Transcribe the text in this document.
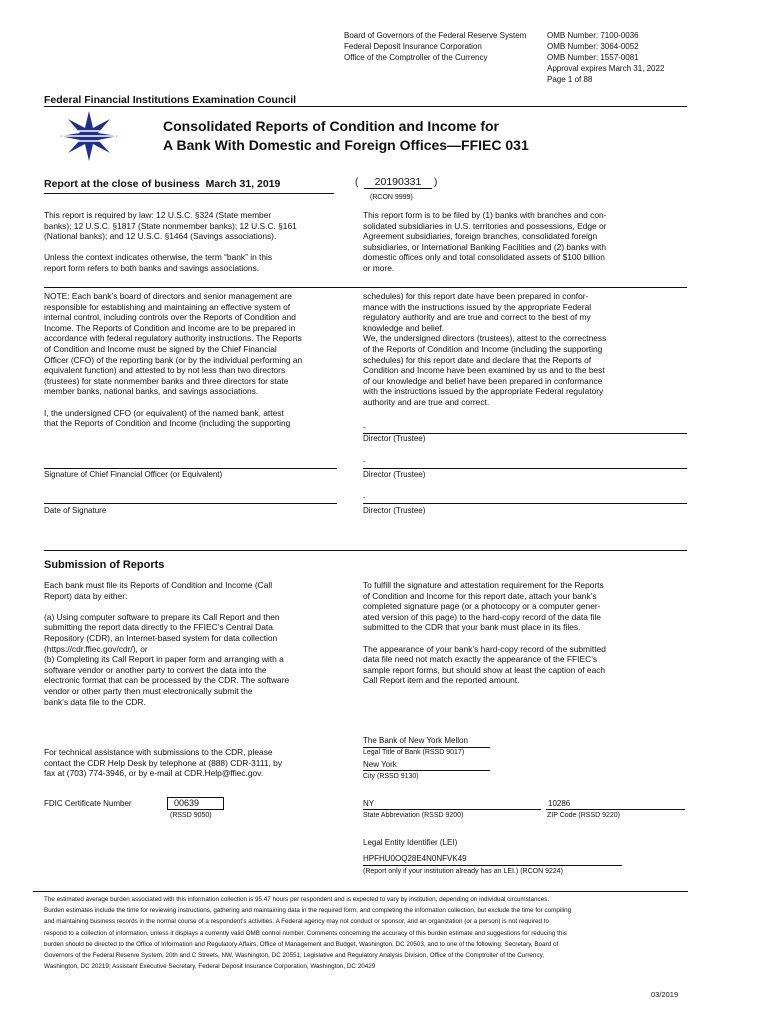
Board of Governors of the Federal Reserve System
Federal Deposit Insurance Corporation
Office of the Comptroller of the Currency
OMB Number: 7100-0036
OMB Number: 3064-0052
OMB Number: 1557-0081
Approval expires March 31, 2022
Page 1 of 88
Federal Financial Institutions Examination Council
Consolidated Reports of Condition and Income for
A Bank With Domestic and Foreign Offices—FFIEC 031
Report at the close of business March 31, 2019	(	20190331	)
(RCON 9999)
This report is required by law: 12 U.S.C. §324 (State member
banks); 12 U.S.C. §1817 (State nonmember banks); 12 U.S.C. §161
(National banks); and 12 U.S.C. §1464 (Savings associations).

Unless the context indicates otherwise, the term “bank” in this
report form refers to both banks and savings associations.
This report form is to be filed by (1) banks with branches and con-
solidated subsidiaries in U.S. territories and possessions, Edge or
Agreement subsidiaries, foreign branches, consolidated foreign
subsidiaries, or International Banking Facilities and (2) banks with
domestic offices only and total consolidated assets of $100 billion
or more.
NOTE: Each bank’s board of directors and senior management are
responsible for establishing and maintaining an effective system of
internal control, including controls over the Reports of Condition and
Income. The Reports of Condition and Income are to be prepared in
accordance with federal regulatory authority instructions. The Reports
of Condition and Income must be signed by the Chief Financial
Officer (CFO) of the reporting bank (or by the individual performing an
equivalent function) and attested to by not less than two directors
(trustees) for state nonmember banks and three directors for state
member banks, national banks, and savings associations.

I, the undersigned CFO (or equivalent) of the named bank, attest
that the Reports of Condition and Income (including the supporting
schedules) for this report date have been prepared in confor-
mance with the instructions issued by the appropriate Federal
regulatory authority and are true and correct to the best of my
knowledge and belief.
We, the undersigned directors (trustees), attest to the correctness
of the Reports of Condition and Income (including the supporting
schedules) for this report date and declare that the Reports of
Condition and Income have been examined by us and to the best
of our knowledge and belief have been prepared in conformance
with the instructions issued by the appropriate Federal regulatory
authority and are true and correct.
-
Director (Trustee)
-
Signature of Chief Financial Officer (or Equivalent)	Director (Trustee)
-
Date of Signature	Director (Trustee)
Submission of Reports
Each bank must file its Reports of Condition and Income (Call
Report) data by either:

(a) Using computer software to prepare its Call Report and then
submitting the report data directly to the FFIEC’s Central Data
Repository (CDR), an Internet-based system for data collection
(https://cdr.ffiec.gov/cdr/), or
(b) Completing its Call Report in paper form and arranging with a
software vendor or another party to convert the data into the
electronic format that can be processed by the CDR. The software
vendor or other party then must electronically submit the
bank’s data file to the CDR.
To fulfill the signature and attestation requirement for the Reports
of Condition and Income for this report date, attach your bank’s
completed signature page (or a photocopy or a computer gener-
ated version of this page) to the hard-copy record of the data file
submitted to the CDR that your bank must place in its files.

The appearance of your bank’s hard-copy record of the submitted
data file need not match exactly the appearance of the FFIEC’s
sample report forms, but should show at least the caption of each
Call Report item and the reported amount.
For technical assistance with submissions to the CDR, please
contact the CDR Help Desk by telephone at (888) CDR-3111, by
fax at (703) 774-3946, or by e-mail at CDR.Help@ffiec.gov.
The Bank of New York Mellon
Legal Title of Bank (RSSD 9017)
New York
City (RSSD 9130)
FDIC Certificate Number	00639
(RSSD 9050)
NY
State Abbreviation (RSSD 9200)
10286
ZIP Code (RSSD 9220)
Legal Entity Identifier (LEI)
HPFHU0OQ28E4N0NFVK49
(Report only if your institution already has an LEI.) (RCON 9224)
The estimated average burden associated with this information collection is 95.47 hours per respondent and is expected to vary by institution, depending on individual circumstances.
Burden estimates include the time for reviewing instructions, gathering and maintaining data in the required form, and completing the information collection, but exclude the time for compiling
and maintaining business records in the normal course of a respondent’s activities. A Federal agency may not conduct or sponsor, and an organization (or a person) is not required to
respond to a collection of information, unless it displays a currently valid OMB control number. Comments concerning the accuracy of this burden estimate and suggestions for reducing this
burden should be directed to the Office of Information and Regulatory Affairs, Office of Management and Budget, Washington, DC 20503, and to one of the following: Secretary, Board of
Governors of the Federal Reserve System, 20th and C Streets, NW, Washington, DC 20551; Legislative and Regulatory Analysis Division, Office of the Comptroller of the Currency,
Washington, DC 20219; Assistant Executive Secretary, Federal Deposit Insurance Corporation, Washington, DC 20429
03/2019
